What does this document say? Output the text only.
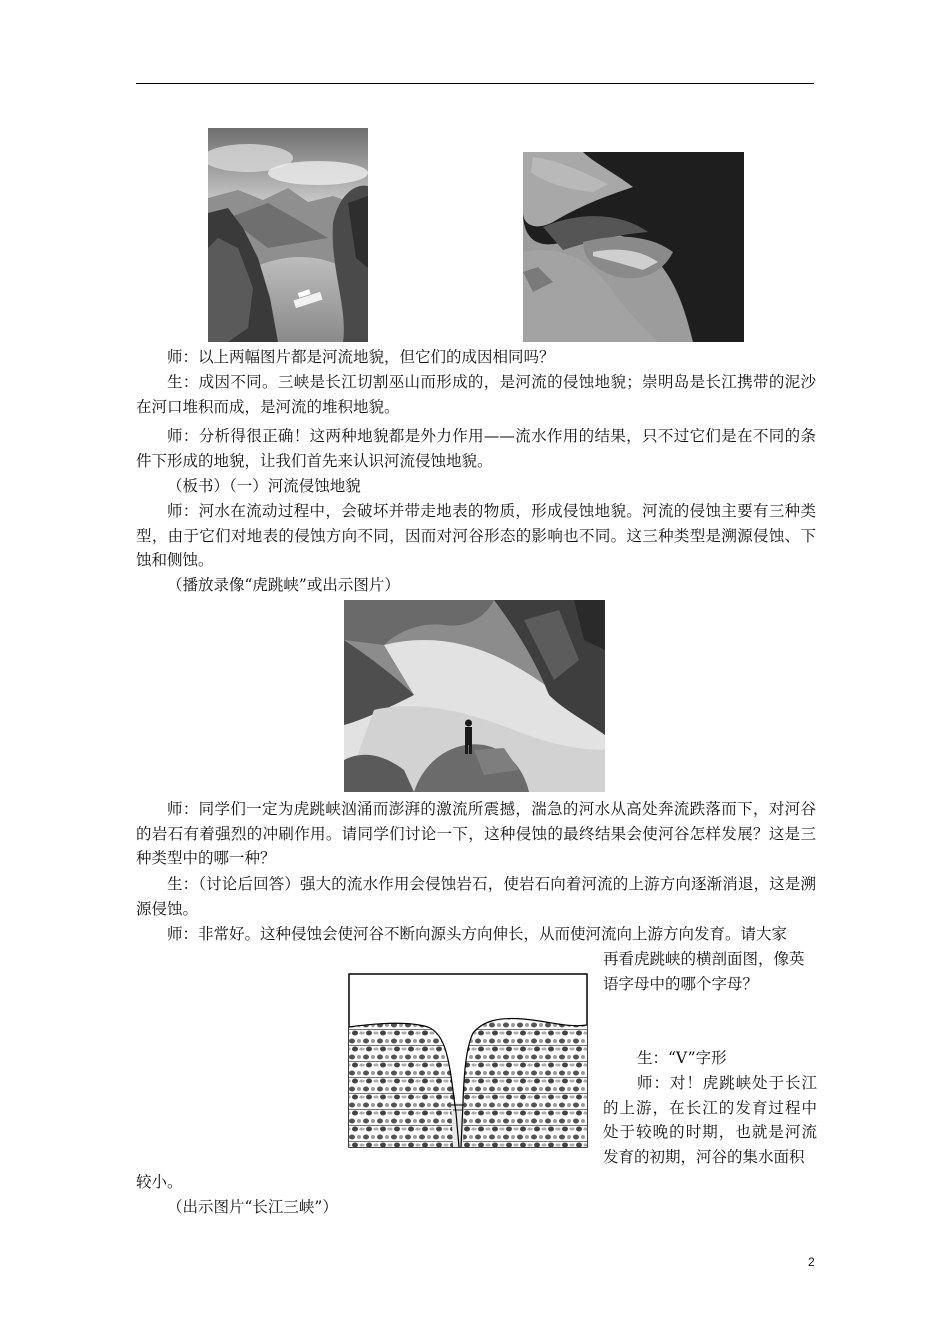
师：以上两幅图片都是河流地貌，但它们的成因相同吗？

生：成因不同。三峡是长江切割巫山而形成的，是河流的侵蚀地貌；崇明岛是长江携带的泥沙在河口堆积而成，是河流的堆积地貌。

师：分析得很正确！这两种地貌都是外力作用——流水作用的结果，只不过它们是在不同的条件下形成的地貌，让我们首先来认识河流侵蚀地貌。

（板书）（一）河流侵蚀地貌

师：河水在流动过程中，会破坏并带走地表的物质，形成侵蚀地貌。河流的侵蚀主要有三种类型，由于它们对地表的侵蚀方向不同，因而对河谷形态的影响也不同。这三种类型是溯源侵蚀、下蚀和侧蚀。

（播放录像“虎跳峡”或出示图片）

师：同学们一定为虎跳峡汹涌而澎湃的激流所震撼，湍急的河水从高处奔流跌落而下，对河谷的岩石有着强烈的冲刷作用。请同学们讨论一下，这种侵蚀的最终结果会使河谷怎样发展？这是三种类型中的哪一种？

生：（讨论后回答）强大的流水作用会侵蚀岩石，使岩石向着河流的上游方向逐渐消退，这是溯源侵蚀。

师：非常好。这种侵蚀会使河谷不断向源头方向伸长，从而使河流向上游方向发育。请大家

再看虎跳峡的横剖面图，像英语字母中的哪个字母？

生：“V”字形

师：对！虎跳峡处于长江的上游，在长江的发育过程中处于较晚的时期，也就是河流发育的初期，河谷的集水面积

较小。

（出示图片“长江三峡”）

2
